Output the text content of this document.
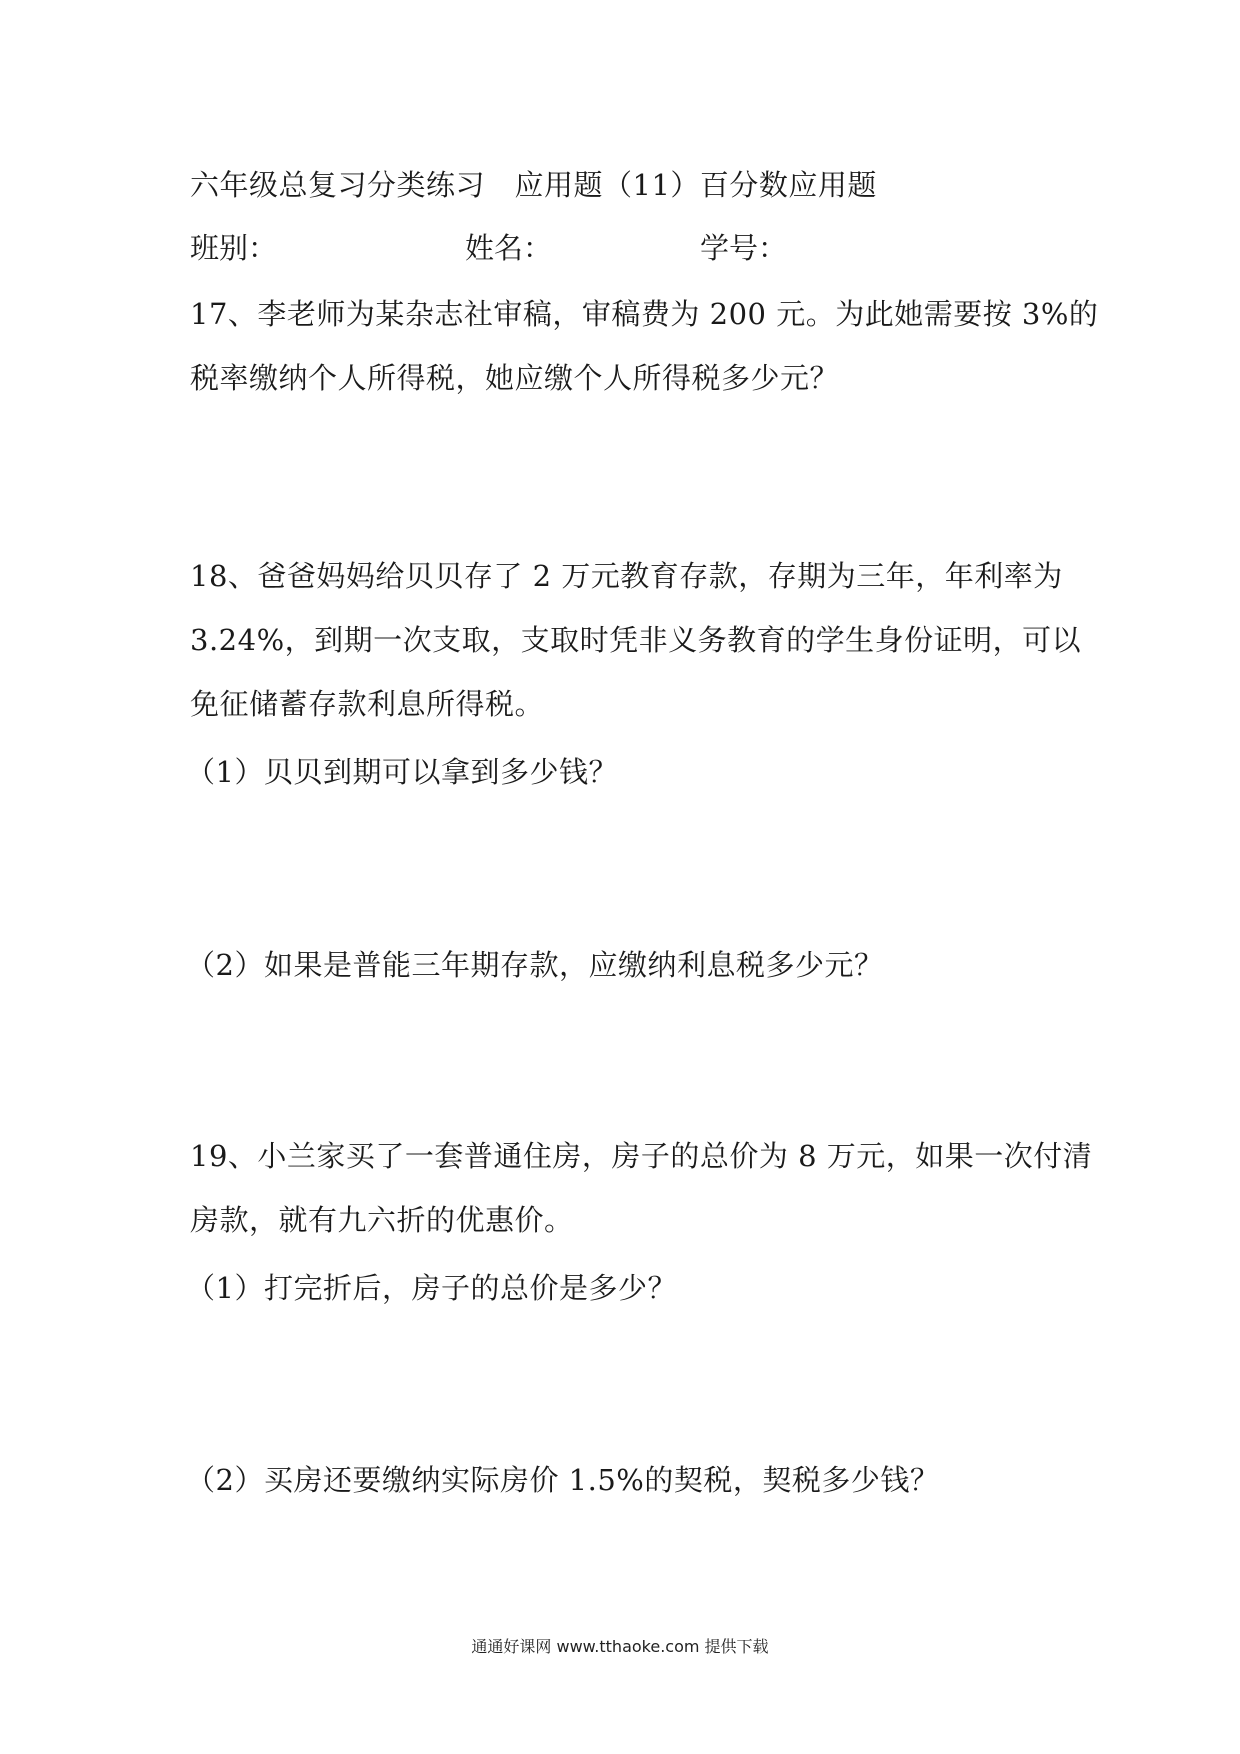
六年级总复习分类练习　应用题（11）百分数应用题
班别：	姓名：	学号：
17、李老师为某杂志社审稿，审稿费为 200 元。为此她需要按 3%的
税率缴纳个人所得税，她应缴个人所得税多少元？
18、爸爸妈妈给贝贝存了 2 万元教育存款，存期为三年，年利率为
3.24%，到期一次支取，支取时凭非义务教育的学生身份证明，可以
免征储蓄存款利息所得税。
（1）贝贝到期可以拿到多少钱？
（2）如果是普能三年期存款，应缴纳利息税多少元？
19、小兰家买了一套普通住房，房子的总价为 8 万元，如果一次付清
房款，就有九六折的优惠价。
（1）打完折后，房子的总价是多少？
（2）买房还要缴纳实际房价 1.5%的契税，契税多少钱？
通通好课网 www.tthaoke.com 提供下载
